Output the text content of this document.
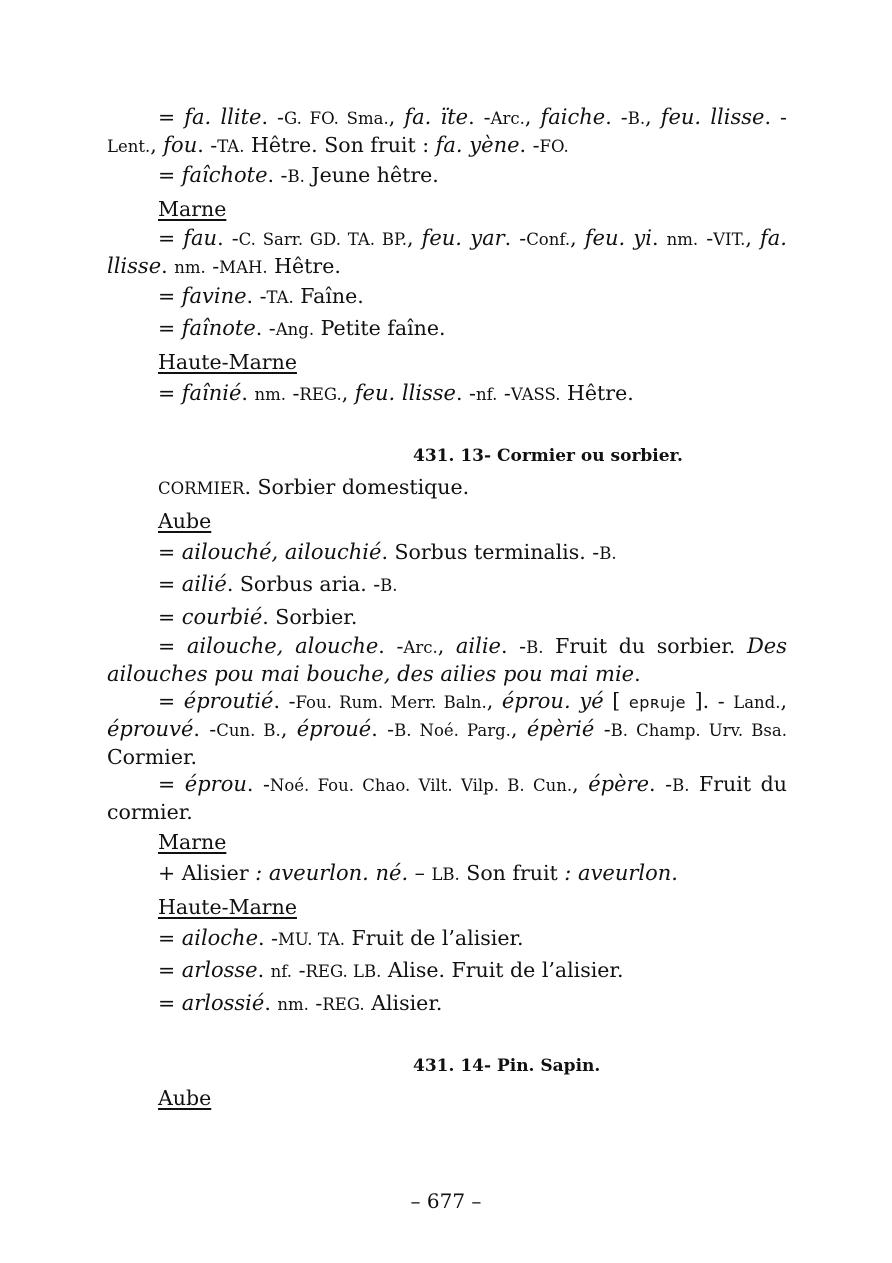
= fa. llite. -G. FO. Sma., fa. ïte. -Arc., faiche. -B., feu. llisse. - Lent., fou. -TA. Hêtre. Son fruit : fa. yène. -FO.

= faîchote. -B. Jeune hêtre.

Marne

= fau. -C. Sarr. GD. TA. BP., feu. yar. -Conf., feu. yi. nm. -VIT., fa. llisse. nm. -MAH. Hêtre.

= favine. -TA. Faîne.

= faînote. -Ang. Petite faîne.

Haute-Marne

= faînié. nm. -REG., feu. llisse. -nf. -VASS. Hêtre.

431. 13- Cormier ou sorbier.

CORMIER. Sorbier domestique.

Aube

= ailouché, ailouchié. Sorbus terminalis. -B.

= ailié. Sorbus aria. -B.

= courbié. Sorbier.

= ailouche, alouche. -Arc., ailie. -B. Fruit du sorbier. Des ailouches pou mai bouche, des ailies pou mai mie.

= éproutié. -Fou. Rum. Merr. Baln., éprou. yé [ epʀuje ]. - Land., éprouvé. -Cun. B., éproué. -B. Noé. Parg., épèrié -B. Champ. Urv. Bsa. Cormier.

= éprou. -Noé. Fou. Chao. Vilt. Vilp. B. Cun., épère. -B. Fruit du cormier.

Marne

+ Alisier : aveurlon. né. – LB. Son fruit : aveurlon.

Haute-Marne

= ailoche. -MU. TA. Fruit de l’alisier.

= arlosse. nf. -REG. LB. Alise. Fruit de l’alisier.

= arlossié. nm. -REG. Alisier.

431. 14- Pin. Sapin.
Aube
– 677 –
